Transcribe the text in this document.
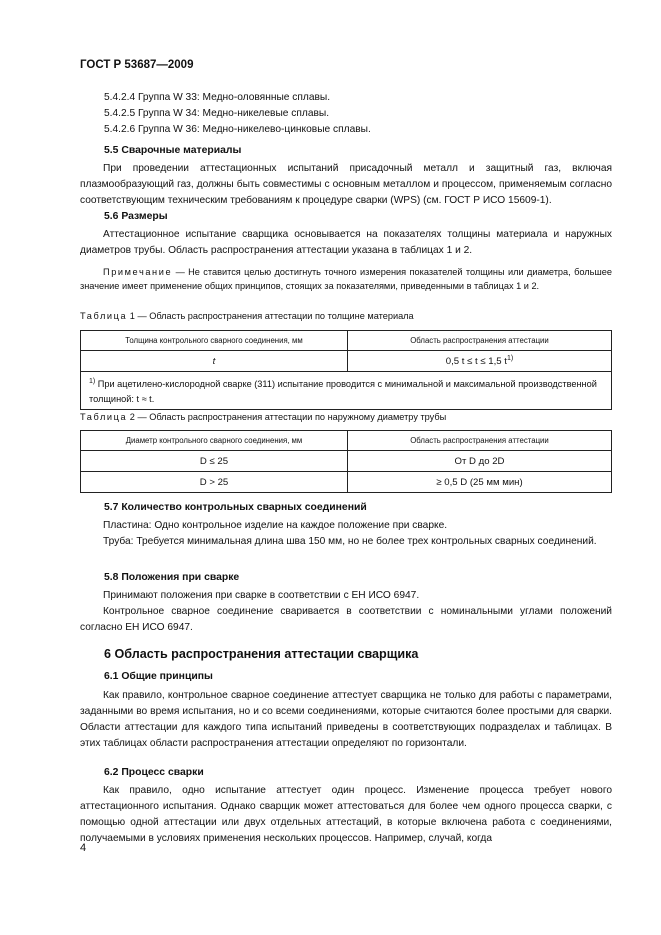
ГОСТ Р 53687—2009
5.4.2.4 Группа W 33: Медно-оловянные сплавы.
5.4.2.5 Группа W 34: Медно-никелевые сплавы.
5.4.2.6 Группа W 36: Медно-никелево-цинковые сплавы.
5.5 Сварочные материалы
При проведении аттестационных испытаний присадочный металл и защитный газ, включая плазмообразующий газ, должны быть совместимы с основным металлом и процессом, применяемым согласно соответствующим техническим требованиям к процедуре сварки (WPS) (см. ГОСТ Р ИСО 15609-1).
5.6 Размеры
Аттестационное испытание сварщика основывается на показателях толщины материала и наружных диаметров трубы. Область распространения аттестации указана в таблицах 1 и 2.
Примечание — Не ставится целью достигнуть точного измерения показателей толщины или диаметра, большее значение имеет применение общих принципов, стоящих за показателями, приведенными в таблицах 1 и 2.
Таблица 1 — Область распространения аттестации по толщине материала
Толщина контрольного сварного соединения, мм	Область распространения аттестации
t	0,5 t ≤ t ≤ 1,5 $t^{1)}$
$^{1)}$ При ацетилено-кислородной сварке (311) испытание проводится с минимальной и максимальной производственной толщиной: t ≈ t.	
Таблица 2 — Область распространения аттестации по наружному диаметру трубы
Диаметр контрольного сварного соединения, мм	Область распространения аттестации
D ≤ 25	От D до 2D
D > 25	≥ 0,5 D (25 мм мин)
5.7 Количество контрольных сварных соединений
Пластина: Одно контрольное изделие на каждое положение при сварке.
Труба: Требуется минимальная длина шва 150 мм, но не более трех контрольных сварных соединений.
5.8 Положения при сварке
Принимают положения при сварке в соответствии с ЕН ИСО 6947.
Контрольное сварное соединение сваривается в соответствии с номинальными углами положений согласно ЕН ИСО 6947.
6 Область распространения аттестации сварщика
6.1 Общие принципы
Как правило, контрольное сварное соединение аттестует сварщика не только для работы с параметрами, заданными во время испытания, но и со всеми соединениями, которые считаются более простыми для сварки. Области аттестации для каждого типа испытаний приведены в соответствующих подразделах и таблицах. В этих таблицах области распространения аттестации определяют по горизонтали.
6.2 Процесс сварки
Как правило, одно испытание аттестует один процесс. Изменение процесса требует нового аттестационного испытания. Однако сварщик может аттестоваться для более чем одного процесса сварки, с помощью одной аттестации или двух отдельных аттестаций, в которые включена работа с соединениями, получаемыми в условиях применения нескольких процессов. Например, случай, когда
4
